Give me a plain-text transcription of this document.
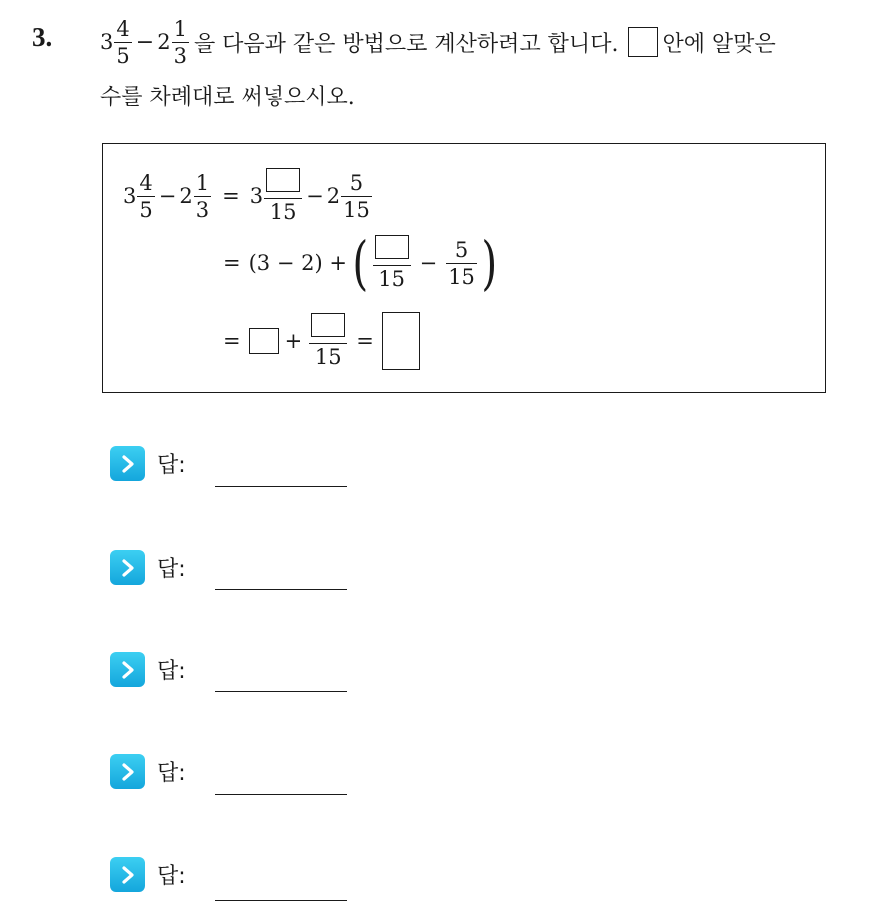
3. $3 \frac{4}{5} - 2 \frac{1}{3}$ 을 다음과 같은 방법으로 계산하려고 합니다. 안에 알맞은
수를 차례대로 써넣으시오.
$3 \frac{4}{5} - 2 \frac{1}{3} = 3$
15
− $2 \frac{5}{15}$
= (3 − 2) + ( 15
− $\frac{5}{15}$ )
= +
15
=
답:
답:
답:
답:
답:
